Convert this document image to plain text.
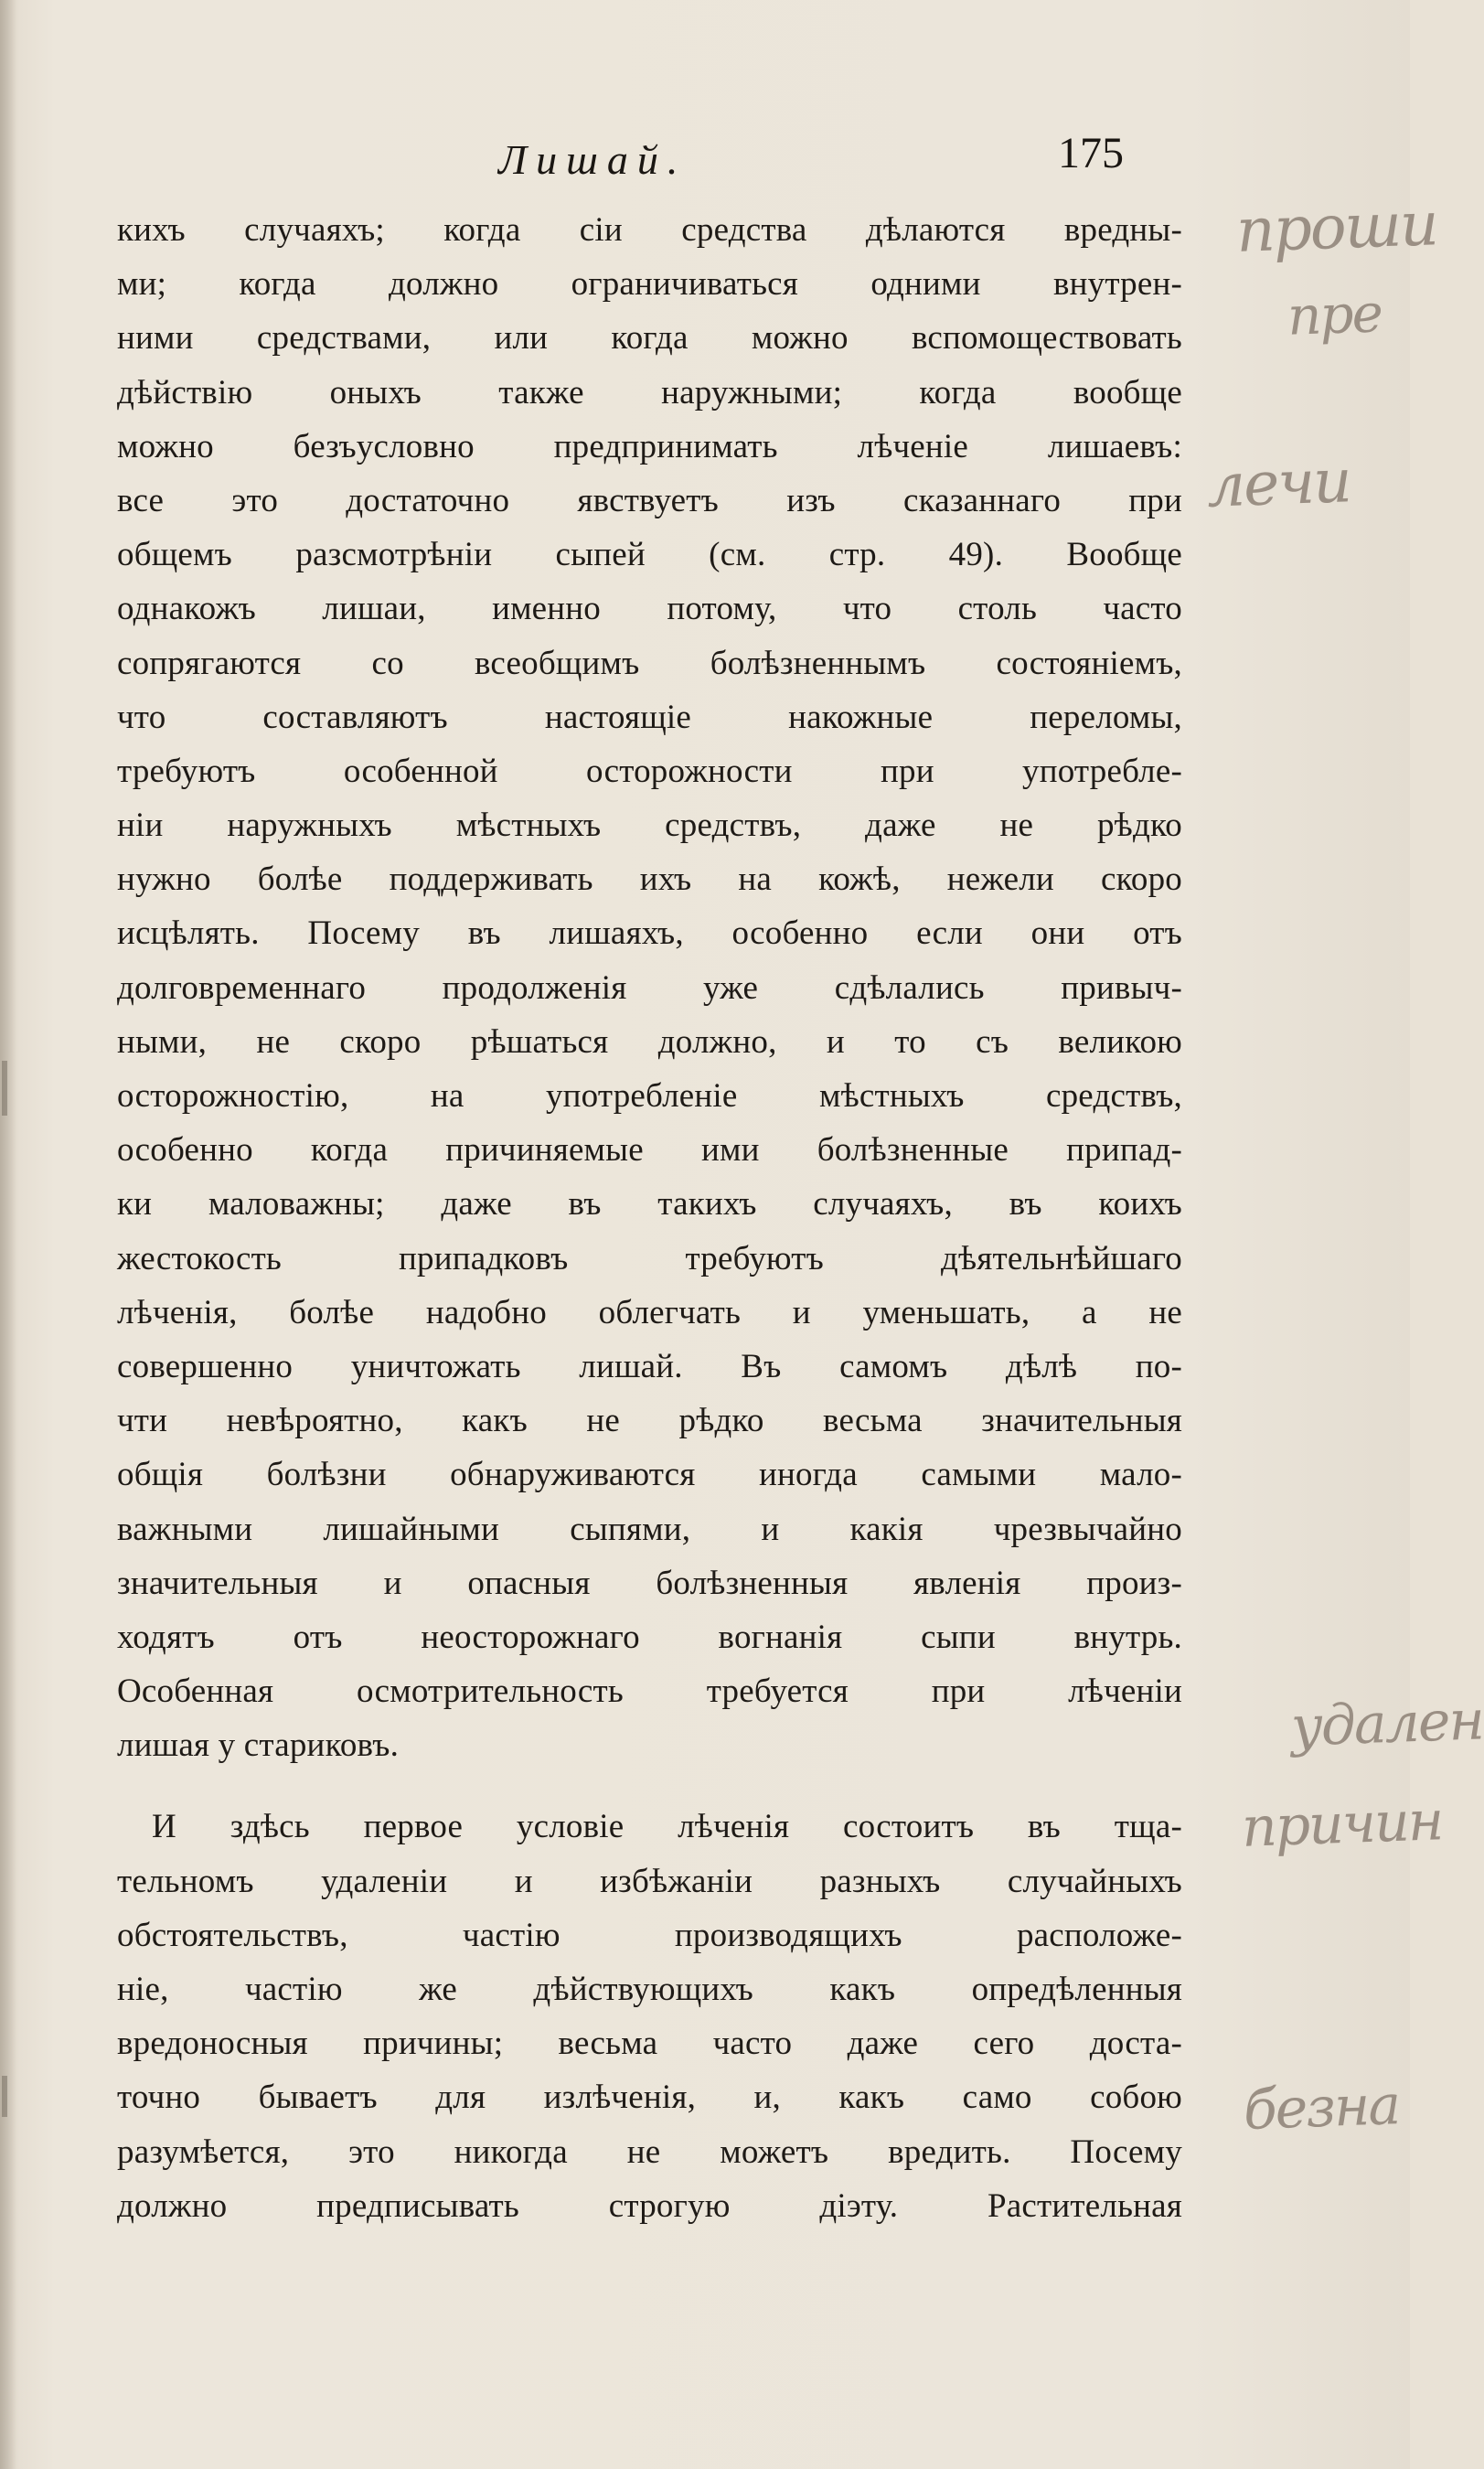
Лишай.	175
кихъ случаяхъ; когда сіи средства дѣлаются вредны-
ми; когда должно ограничиваться одними внутрен-
ними средствами, или когда можно вспомоществовать
дѣйствію оныхъ также наружными; когда вообще
можно безъусловно предпринимать лѣченіе лишаевъ:
все это достаточно явствуетъ изъ сказаннаго при
общемъ разсмотрѣніи сыпей (см. стр. 49). Вообще
однакожъ лишаи, именно потому, что столь часто
сопрягаются со всеобщимъ болѣзненнымъ состояніемъ,
что составляютъ настоящіе накожные переломы,
требуютъ особенной осторожности при употребле-
ніи наружныхъ мѣстныхъ средствъ, даже не рѣдко
нужно болѣе поддерживать ихъ на кожѣ, нежели скоро
исцѣлять. Посему въ лишаяхъ, особенно если они отъ
долговременнаго продолженія уже сдѣлались привыч-
ными, не скоро рѣшаться должно, и то съ великою
осторожностію, на употребленіе мѣстныхъ средствъ,
особенно когда причиняемые ими болѣзненные припад-
ки маловажны; даже въ такихъ случаяхъ, въ коихъ
жестокость припадковъ требуютъ дѣятельнѣйшаго
лѣченія, болѣе надобно облегчать и уменьшать, а не
совершенно уничтожать лишай. Въ самомъ дѣлѣ по-
чти невѣроятно, какъ не рѣдко весьма значительныя
общія болѣзни обнаруживаются иногда самыми мало-
важными лишайными сыпями, и какія чрезвычайно
значительныя и опасныя болѣзненныя явленія произ-
ходятъ отъ неосторожнаго вогнанія сыпи внутрь.
Особенная осмотрительность требуется при лѣченіи
лишая у стариковъ.
И здѣсь первое условіе лѣченія состоитъ въ тща-
тельномъ удаленіи и избѣжаніи разныхъ случайныхъ
обстоятельствъ, частію производящихъ расположе-
ніе, частію же дѣйствующихъ какъ опредѣленныя
вредоносныя причины; весьма часто даже сего доста-
точно бываетъ для излѣченія, и, какъ само собою
разумѣется, это никогда не можетъ вредить. Посему
должно предписывать строгую діэту. Растительная
проши
пре
лечи
удален
причин
безна
